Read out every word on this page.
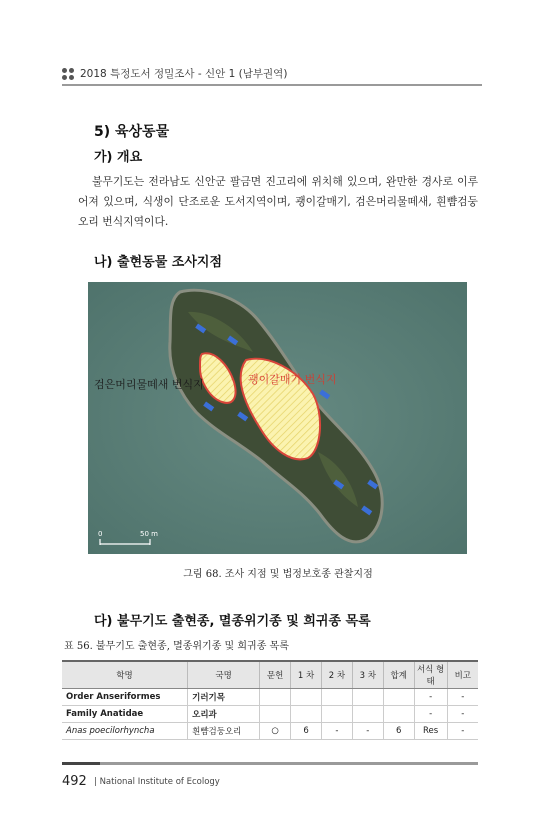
2018 특정도서 정밀조사 - 신안 1 (남부권역)
5) 육상동물
가) 개요
불무기도는 전라남도 신안군 팔금면 진고리에 위치해 있으며, 완만한 경사로 이루어져 있으며, 식생이 단조로운 도서지역이며, 괭이갈매기, 검은머리물떼새, 흰뺨검둥오리 번식지역이다.
나) 출현동물 조사지점
검은머리물떼새 번식지	괭이갈매기 번식지
0	50 m
그림 68. 조사 지점 및 법정보호종 관찰지점
다) 불무기도 출현종, 멸종위기종 및 희귀종 목록
표 56. 불무기도 출현종, 멸종위기종 및 희귀종 목록
학명	국명	문헌	1 차	2 차	3 차	합계	서식 형태	비고
Order Anseriformes	기러기목						-	-
Family Anatidae	오리과						-	-
Anas poecilorhyncha	흰뺨검둥오리	○	6	-	-	6	Res	-
492 | National Institute of Ecology
